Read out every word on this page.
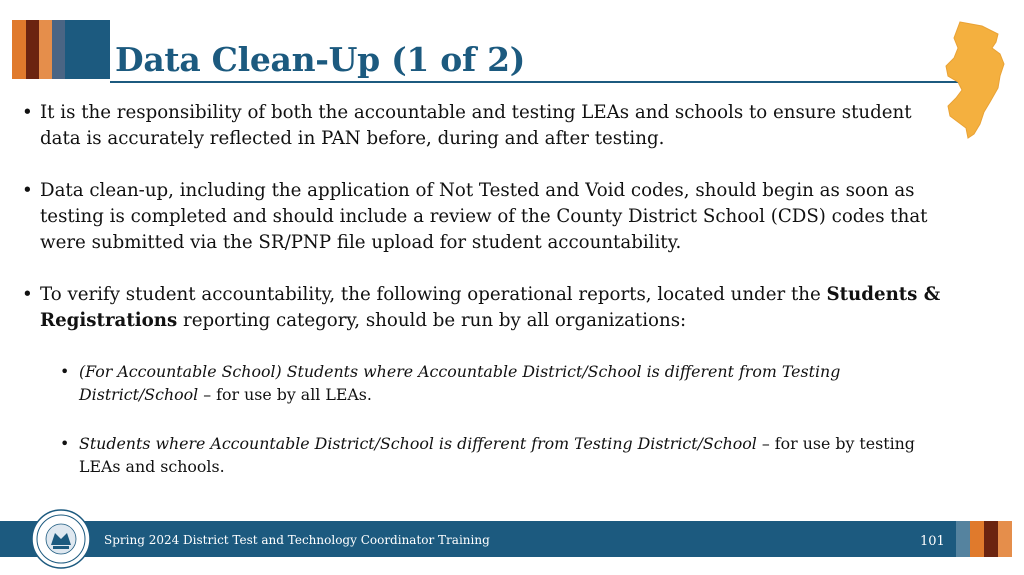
Data Clean-Up (1 of 2)

• It is the responsibility of both the accountable and testing LEAs and schools to ensure student data is accurately reflected in PAN before, during and after testing.

• Data clean-up, including the application of Not Tested and Void codes, should begin as soon as testing is completed and should include a review of the County District School (CDS) codes that were submitted via the SR/PNP file upload for student accountability.

• To verify student accountability, the following operational reports, located under the Students & Registrations reporting category, should be run by all organizations:

• (For Accountable School) Students where Accountable District/School is different from Testing District/School – for use by all LEAs.

• Students where Accountable District/School is different from Testing District/School – for use by testing LEAs and schools.

Spring 2024 District Test and Technology Coordinator Training	101
